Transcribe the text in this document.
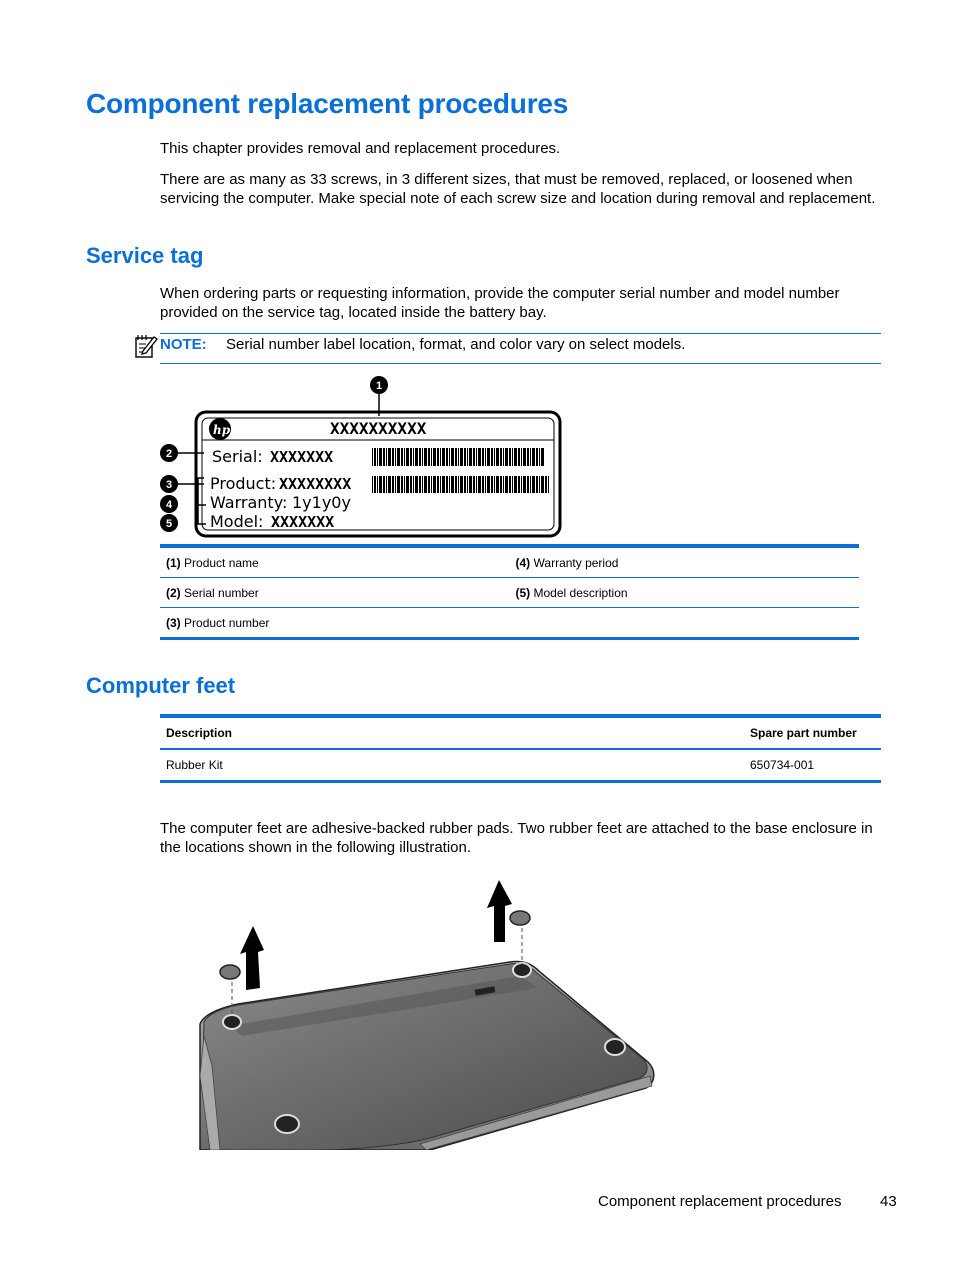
Component replacement procedures

This chapter provides removal and replacement procedures.

There are as many as 33 screws, in 3 different sizes, that must be removed, replaced, or loosened when servicing the computer. Make special note of each screw size and location during removal and replacement.

Service tag

When ordering parts or requesting information, provide the computer serial number and model number provided on the service tag, located inside the battery bay.

NOTE: Serial number label location, format, and color vary on select models.
hp
1
XXXXXXXXXX
2
3
4
5
Serial: XXXXXXX
Product: XXXXXXXX
Warranty: 1y1y0y
Model: XXXXXXX
(1) Product name	(4) Warranty period
(2) Serial number	(5) Model description
(3) Product number	
Computer feet
Description	Spare part number
Rubber Kit	650734-001

The computer feet are adhesive-backed rubber pads. Two rubber feet are attached to the base enclosure in the locations shown in the following illustration.

Component replacement procedures	43
